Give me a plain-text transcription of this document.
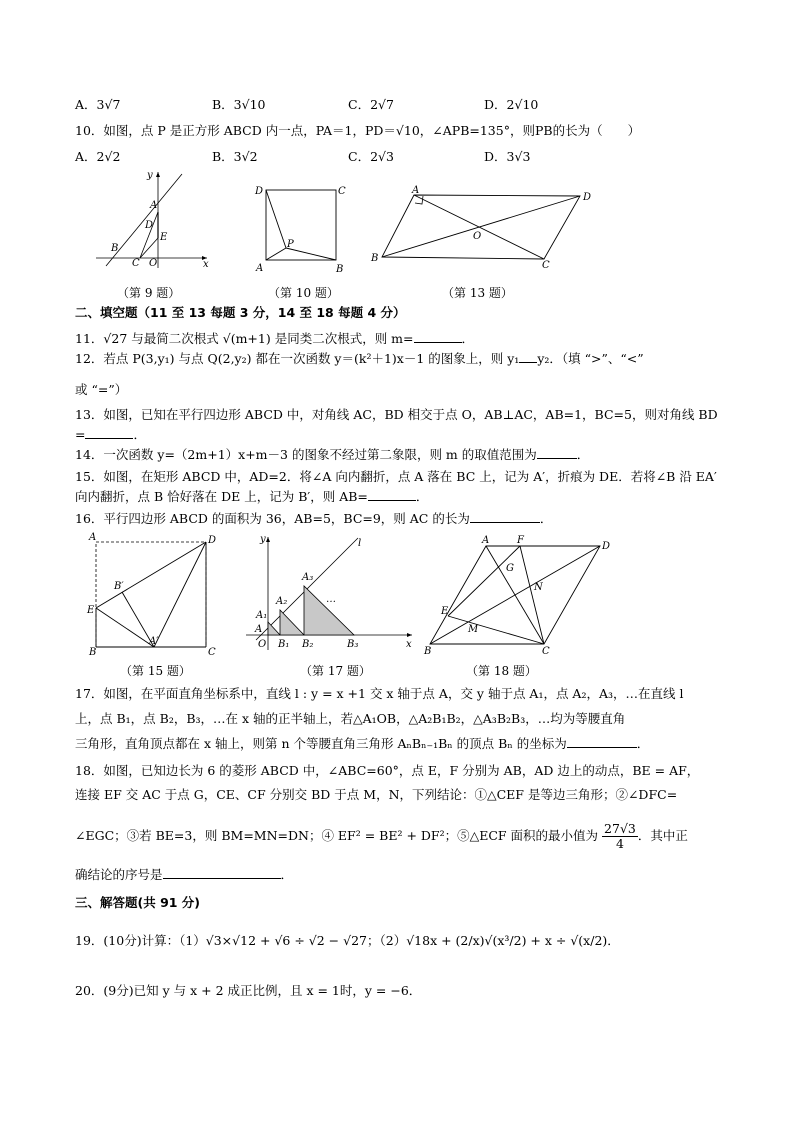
A．3√7	B．3√10	C．2√7	D．2√10
10．如图，点 P 是正方形 ABCD 内一点，PA＝1，PD＝√10，∠APB=135°，则PB的长为（　　）
A．2√2	B．3√2	C．2√3	D．3√3
y
A
D
E
B
C O	x
（第 9 题）
D	C
A	B
P
（第 10 题）
A
D
B
C
O
（第 13 题）
二、填空题（11 至 13 每题 3 分，14 至 18 每题 4 分）
11．√27 与最简二次根式 √(m+1) 是同类二次根式，则 m=	．
12．若点 P(3,y₁) 与点 Q(2,y₂) 都在一次函数 y＝(k²＋1)x－1 的图象上，则 y₁ y₂．（填 “>”、“<”
或 “=”）
13．如图，已知在平行四边形 ABCD 中，对角线 AC，BD 相交于点 O，AB⊥AC，AB=1，BC=5，则对角线 BD
=	．
14．一次函数 y=（2m+1）x+m－3 的图象不经过第二象限，则 m 的取值范围为	．
15．如图，在矩形 ABCD 中，AD=2．将∠A 向内翻折，点 A 落在 BC 上，记为 A′，折痕为 DE．若将∠B 沿 EA′
向内翻折，点 B 恰好落在 DE 上，记为 B′，则 AB=	．
16．平行四边形 ABCD 的面积为 36，AB=5，BC=9，则 AC 的长为	．
A	D
E
B′
B
A′
C
（第 15 题）
A
A₁
A₂
A₃
O B₁ B₂	B₃	x
y	l
…
（第 17 题）
A	F
D
G
N
E
M
B	C
（第 18 题）
17．如图，在平面直角坐标系中，直线 l : y = x +1 交 x 轴于点 A，交 y 轴于点 A₁，点 A₂，A₃，…在直线 l
上，点 B₁，点 B₂，B₃，…在 x 轴的正半轴上，若△A₁OB，△A₂B₁B₂，△A₃B₂B₃，…均为等腰直角
三角形，直角顶点都在 x 轴上，则第 n 个等腰直角三角形 AₙBₙ₋₁Bₙ 的顶点 Bₙ 的坐标为	．
18．如图，已知边长为 6 的菱形 ABCD 中，∠ABC=60°，点 E，F 分别为 AB，AD 边上的动点，BE = AF，
连接 EF 交 AC 于点 G，CE、CF 分别交 BD 于点 M，N，下列结论：①△CEF 是等边三角形；②∠DFC=
∠EGC；③若 BE=3，则 BM=MN=DN；④ EF² = BE² + DF²；⑤△ECF 面积的最小值为 $\frac{27√3}{4}$ ．其中正
确结论的序号是	．
三、解答题(共 91 分)
19．(10分)计算：（1）√3×√12 + √6 ÷ √2 − √27；（2）√18x + (2/x)√(x³/2) + x ÷ √(x/2)．
20．(9分)已知 y 与 x + 2 成正比例，且 x = 1时，y = −6．
